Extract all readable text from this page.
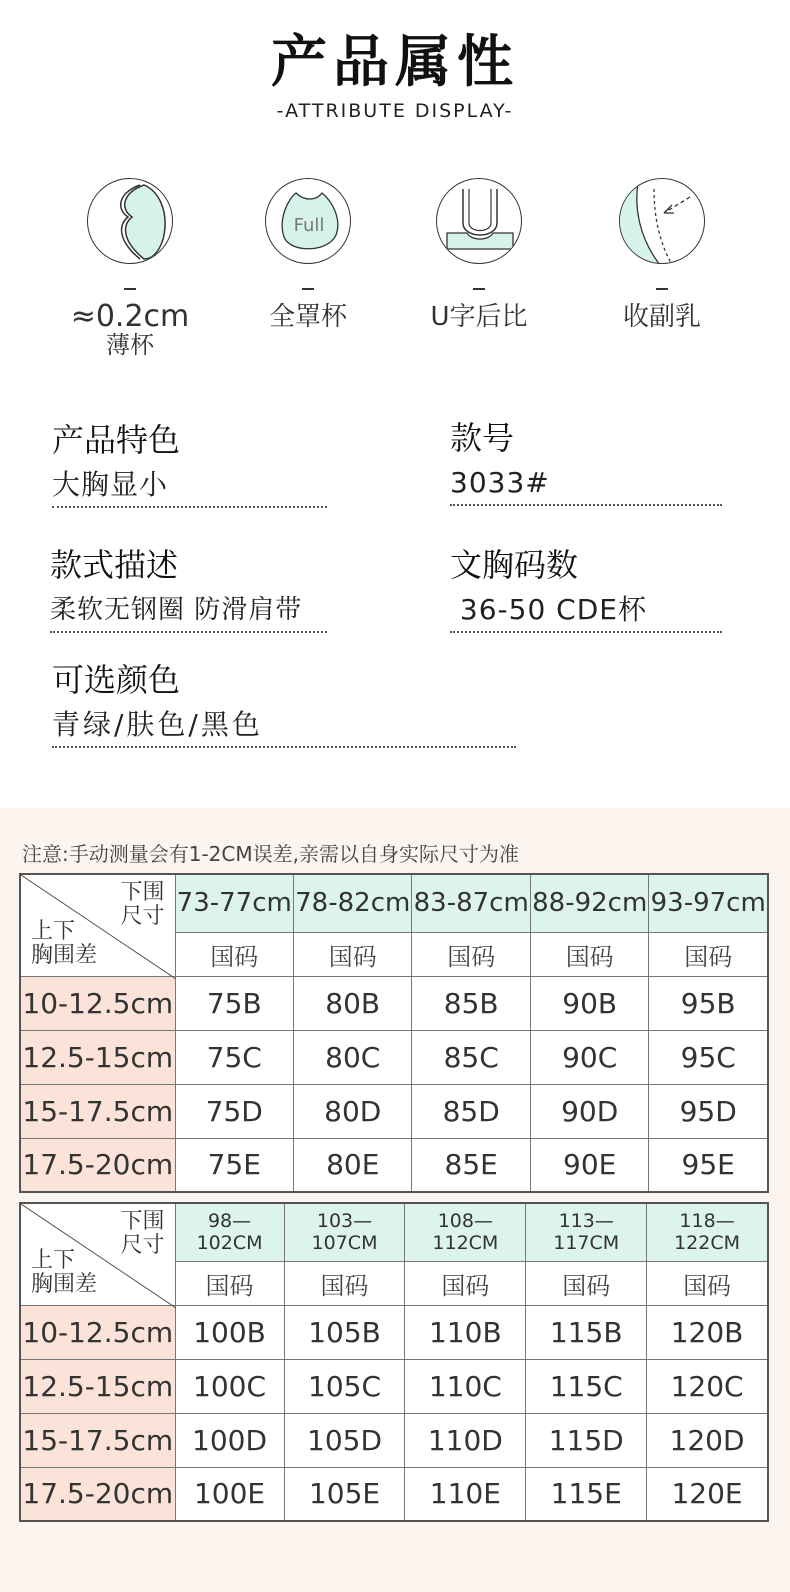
产品属性
-ATTRIBUTE DISPLAY-
≈0.2cm
薄杯
Full
全罩杯	U字后比	收副乳
产品特色
大胸显小
款号
3033#
款式描述
柔软无钢圈 防滑肩带
文胸码数
36-50 CDE杯
可选颜色
青绿/肤色/黑色
注意:手动测量会有1-2CM误差,亲需以自身实际尺寸为准
下围
尺寸
上下
胸围差	73-77cm	78-82cm	83-87cm	88-92cm	93-97cm
	国码	国码	国码	国码	国码
10-12.5cm	75B	80B	85B	90B	95B
12.5-15cm	75C	80C	85C	90C	95C
15-17.5cm	75D	80D	85D	90D	95D
17.5-20cm	75E	80E	85E	90E	95E
下围
尺寸
上下
胸围差	98—102CM	103—107CM	108—112CM	113—117CM	118—122CM
	国码	国码	国码	国码	国码
10-12.5cm	100B	105B	110B	115B	120B
12.5-15cm	100C	105C	110C	115C	120C
15-17.5cm	100D	105D	110D	115D	120D
17.5-20cm	100E	105E	110E	115E	120E
